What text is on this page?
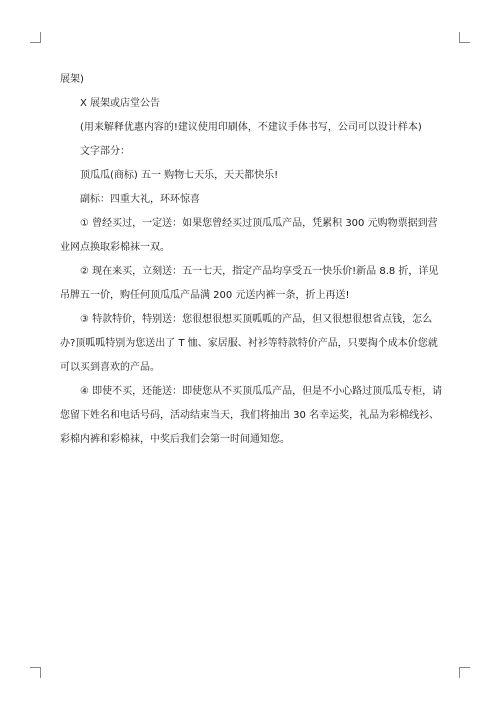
展架)

X 展架或店堂公告

(用来解释优惠内容的!建议使用印刷体，不建议手体书写，公司可以设计样本)

文字部分：

顶瓜瓜(商标) 五一 购物七天乐，天天都快乐!

副标：四重大礼，环环惊喜

① 曾经买过，一定送：如果您曾经买过顶瓜瓜产品，凭累积 300 元购物票据到营业网点换取彩棉袜一双。

② 现在来买，立刻送：五一七天，指定产品均享受五一快乐价!新品 8.8 折，详见吊牌五一价，购任何顶瓜瓜产品满 200 元送内裤一条，折上再送!

③ 特款特价，特别送：您很想很想买顶呱呱的产品，但又很想很想省点钱，怎么办?顶呱呱特别为您送出了 T 恤、家居服、衬衫等特款特价产品，只要掏个成本价您就可以买到喜欢的产品。

④ 即使不买，还能送：即使您从不买顶瓜瓜产品，但是不小心路过顶瓜瓜专柜，请您留下姓名和电话号码，活动结束当天，我们将抽出 30 名幸运奖，礼品为彩棉线衫、彩棉内裤和彩棉袜，中奖后我们会第一时间通知您。
